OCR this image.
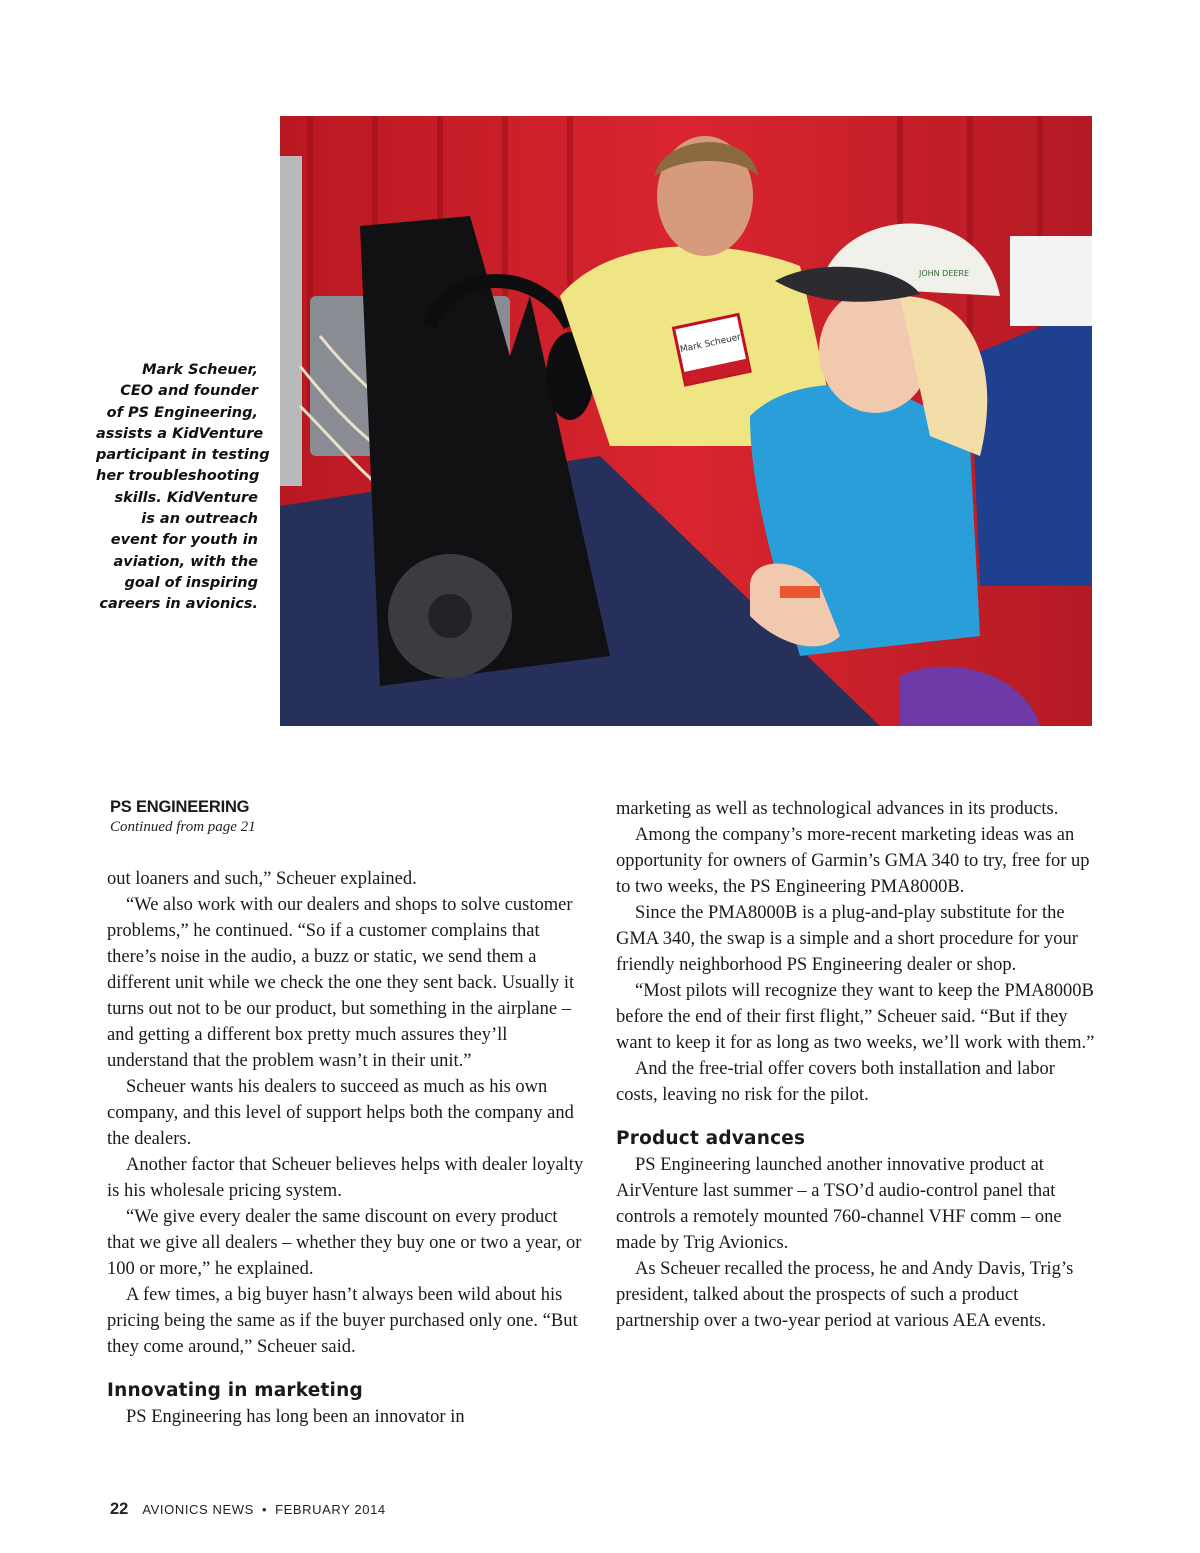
Mark Scheuer,
CEO and founder
of PS Engineering,
assists a KidVenture
participant in testing
her troubleshooting
skills. KidVenture
is an outreach
event for youth in
aviation, with the
goal of inspiring
careers in avionics.
Mark Scheuer
JOHN DEERE
PS ENGINEERING
Continued from page 21

out loaners and such,” Scheuer explained.

“We also work with our dealers and shops to solve customer problems,” he continued. “So if a customer complains that there’s noise in the audio, a buzz or static, we send them a different unit while we check the one they sent back. Usually it turns out not to be our product, but something in the airplane – and getting a different box pretty much assures they’ll understand that the problem wasn’t in their unit.”

Scheuer wants his dealers to succeed as much as his own company, and this level of support helps both the company and the dealers.

Another factor that Scheuer believes helps with dealer loyalty is his wholesale pricing system.

“We give every dealer the same discount on every product that we give all dealers – whether they buy one or two a year, or 100 or more,” he explained.

A few times, a big buyer hasn’t always been wild about his pricing being the same as if the buyer purchased only one. “But they come around,” Scheuer said.

Innovating in marketing

PS Engineering has long been an innovator in

marketing as well as technological advances in its products.

Among the company’s more-recent marketing ideas was an opportunity for owners of Garmin’s GMA 340 to try, free for up to two weeks, the PS Engineering PMA8000B.

Since the PMA8000B is a plug-and-play substitute for the GMA 340, the swap is a simple and a short procedure for your friendly neighborhood PS Engineering dealer or shop.

“Most pilots will recognize they want to keep the PMA8000B before the end of their first flight,” Scheuer said. “But if they want to keep it for as long as two weeks, we’ll work with them.”

And the free-trial offer covers both installation and labor costs, leaving no risk for the pilot.

Product advances

PS Engineering launched another innovative product at AirVenture last summer – a TSO’d audio-control panel that controls a remotely mounted 760-channel VHF comm – one made by Trig Avionics.

As Scheuer recalled the process, he and Andy Davis, Trig’s president, talked about the prospects of such a product partnership over a two-year period at various AEA events.

22 AVIONICS NEWS • FEBRUARY 2014
